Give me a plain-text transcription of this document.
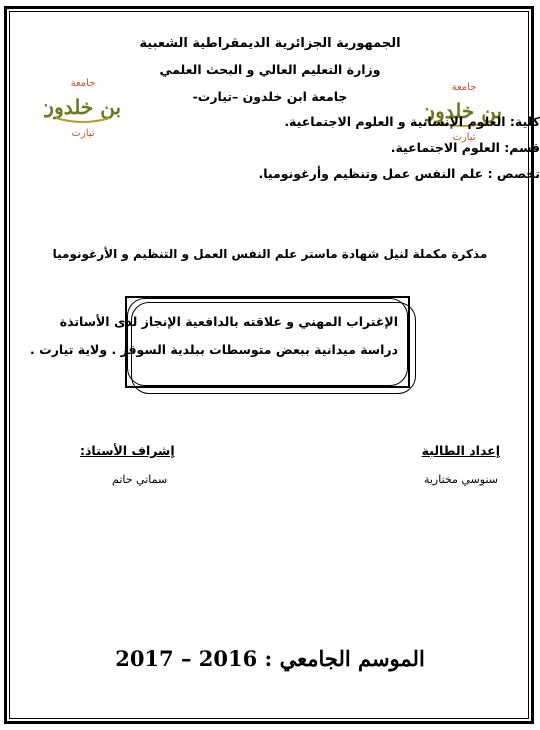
جامعة
بن خلدون
تيارت
جامعة
بن خلدون
تيارت
الجمهورية الجزائرية الديمقراطية الشعبية
وزارة التعليم العالي و البحث العلمي
جامعة ابن خلدون –تيارت-
كلية: العلوم الإنسانية و العلوم الاجتماعية.
قسم: العلوم الاجتماعية.
تخصص : علم النفس عمل وتنظيم وأرغونوميا.
مذكرة مكملة لنيل شهادة ماستر علم النفس العمل و التنظيم و الأرغونوميا
الإغتراب المهني و علاقته بالدافعية الإنجاز لدى الأساتذة
دراسة ميدانية ببعض متوسطات ببلدية السوقر . ولاية تيارت .
إعداد الطالبة
سنوسي مختارية
إشراف الأستاذ:
سماتي حاتم
الموسم الجامعي : 2016 – 2017
